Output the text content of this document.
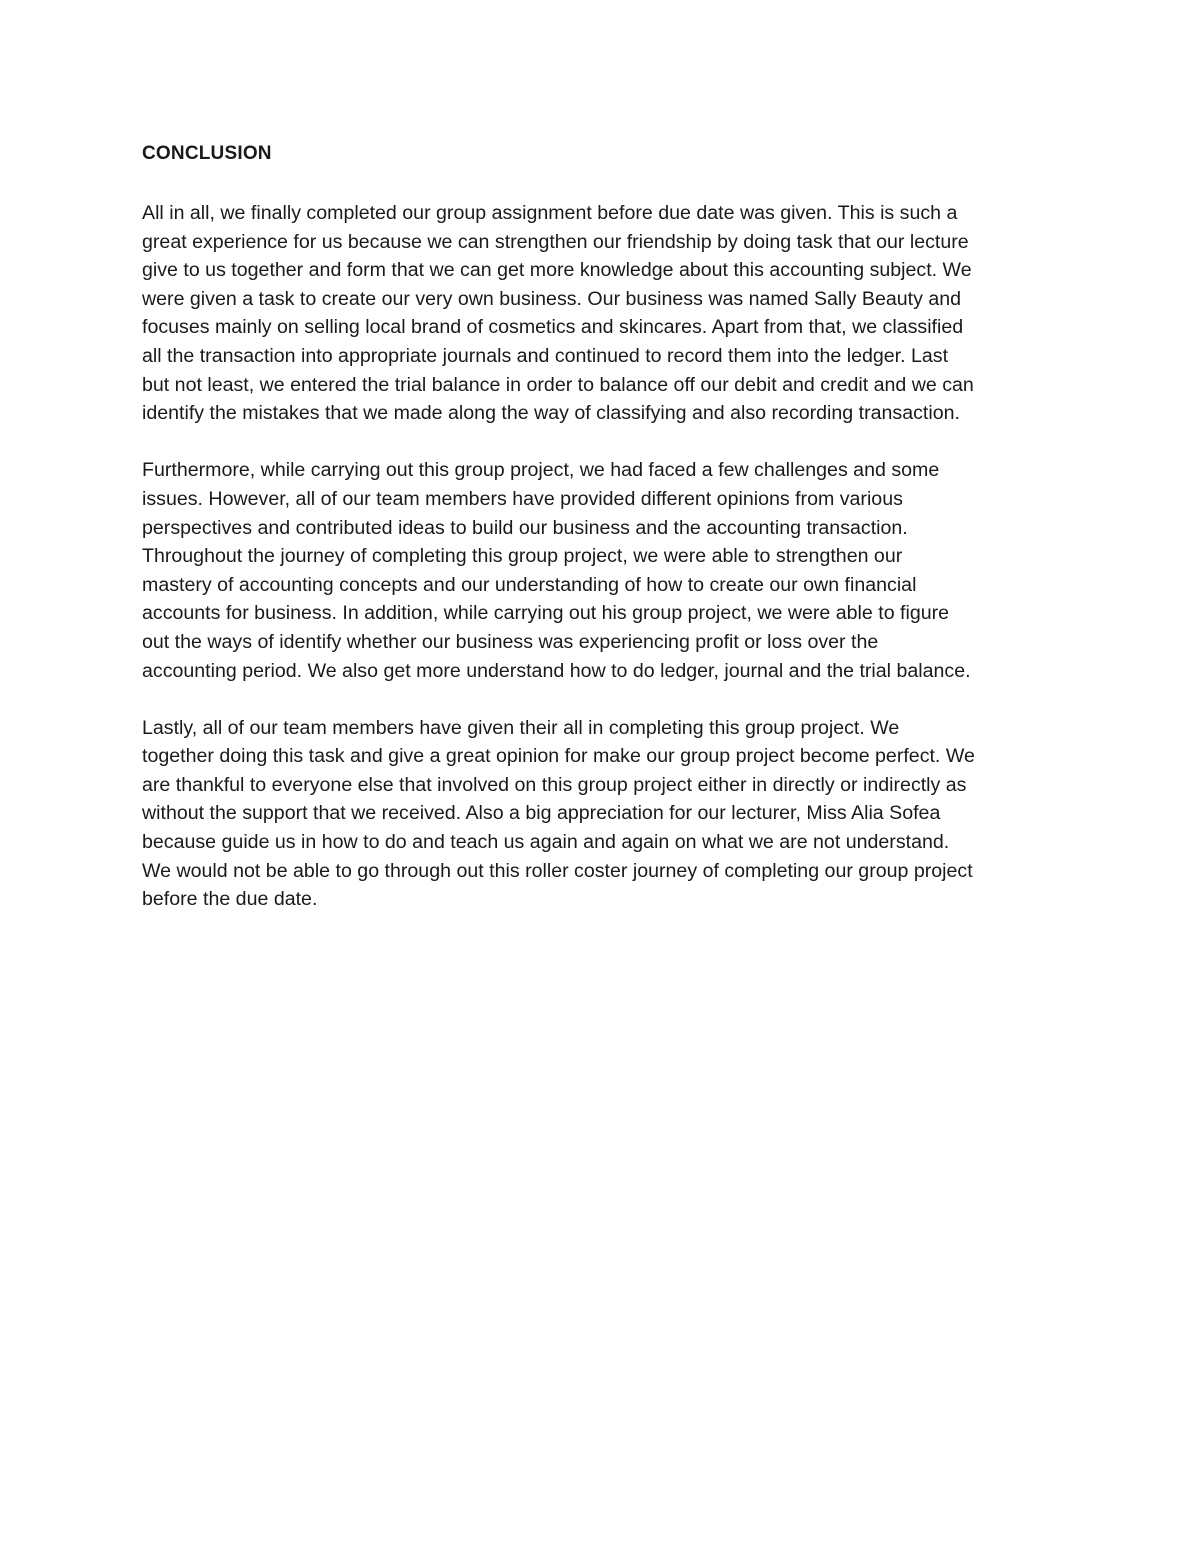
CONCLUSION
All in all, we finally completed our group assignment before due date was given. This is such a
great experience for us because we can strengthen our friendship by doing task that our lecture
give to us together and form that we can get more knowledge about this accounting subject. We
were given a task to create our very own business. Our business was named Sally Beauty and
focuses mainly on selling local brand of cosmetics and skincares. Apart from that, we classified
all the transaction into appropriate journals and continued to record them into the ledger. Last
but not least, we entered the trial balance in order to balance off our debit and credit and we can
identify the mistakes that we made along the way of classifying and also recording transaction.
Furthermore, while carrying out this group project, we had faced a few challenges and some
issues. However, all of our team members have provided different opinions from various
perspectives and contributed ideas to build our business and the accounting transaction.
Throughout the journey of completing this group project, we were able to strengthen our
mastery of accounting concepts and our understanding of how to create our own financial
accounts for business. In addition, while carrying out his group project, we were able to figure
out the ways of identify whether our business was experiencing profit or loss over the
accounting period. We also get more understand how to do ledger, journal and the trial balance.
Lastly, all of our team members have given their all in completing this group project. We
together doing this task and give a great opinion for make our group project become perfect. We
are thankful to everyone else that involved on this group project either in directly or indirectly as
without the support that we received. Also a big appreciation for our lecturer, Miss Alia Sofea
because guide us in how to do and teach us again and again on what we are not understand.
We would not be able to go through out this roller coster journey of completing our group project
before the due date.
